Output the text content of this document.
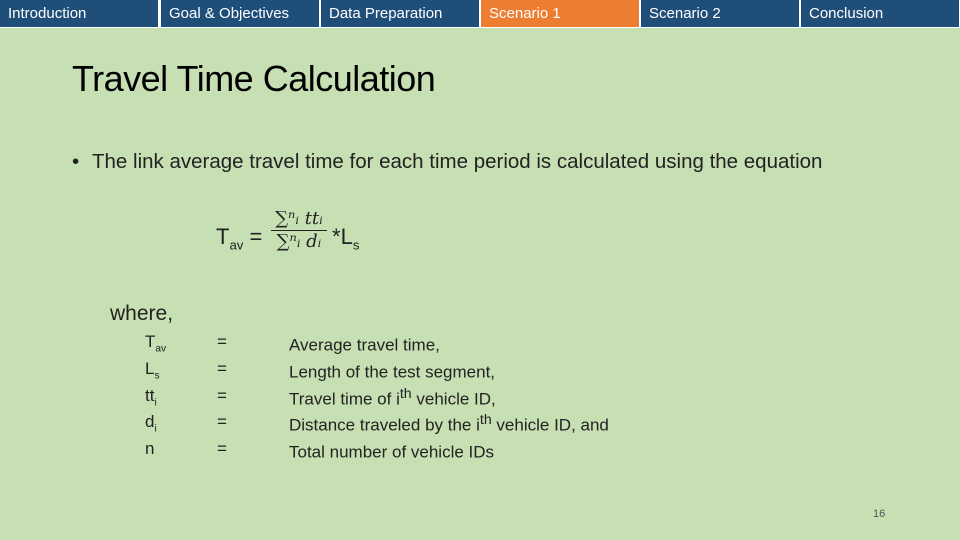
Introduction	Goal & Objectives	Data Preparation	Scenario 1	Scenario 2	Conclusion
Travel Time Calculation
• The link average travel time for each time period is calculated using the equation
$T_{av}$ =
∑ⁿᵢ ttᵢ
∑ⁿᵢ dᵢ $*L_s$
where,
$T_{av}$	=	Average travel time,
$L_s$	=	Length of the test segment,
$tt_i$	=	Travel time of $i^{th}$ vehicle ID,
$d_i$	=	Distance traveled by the $i^{th}$ vehicle ID, and
n	=	Total number of vehicle IDs
16
